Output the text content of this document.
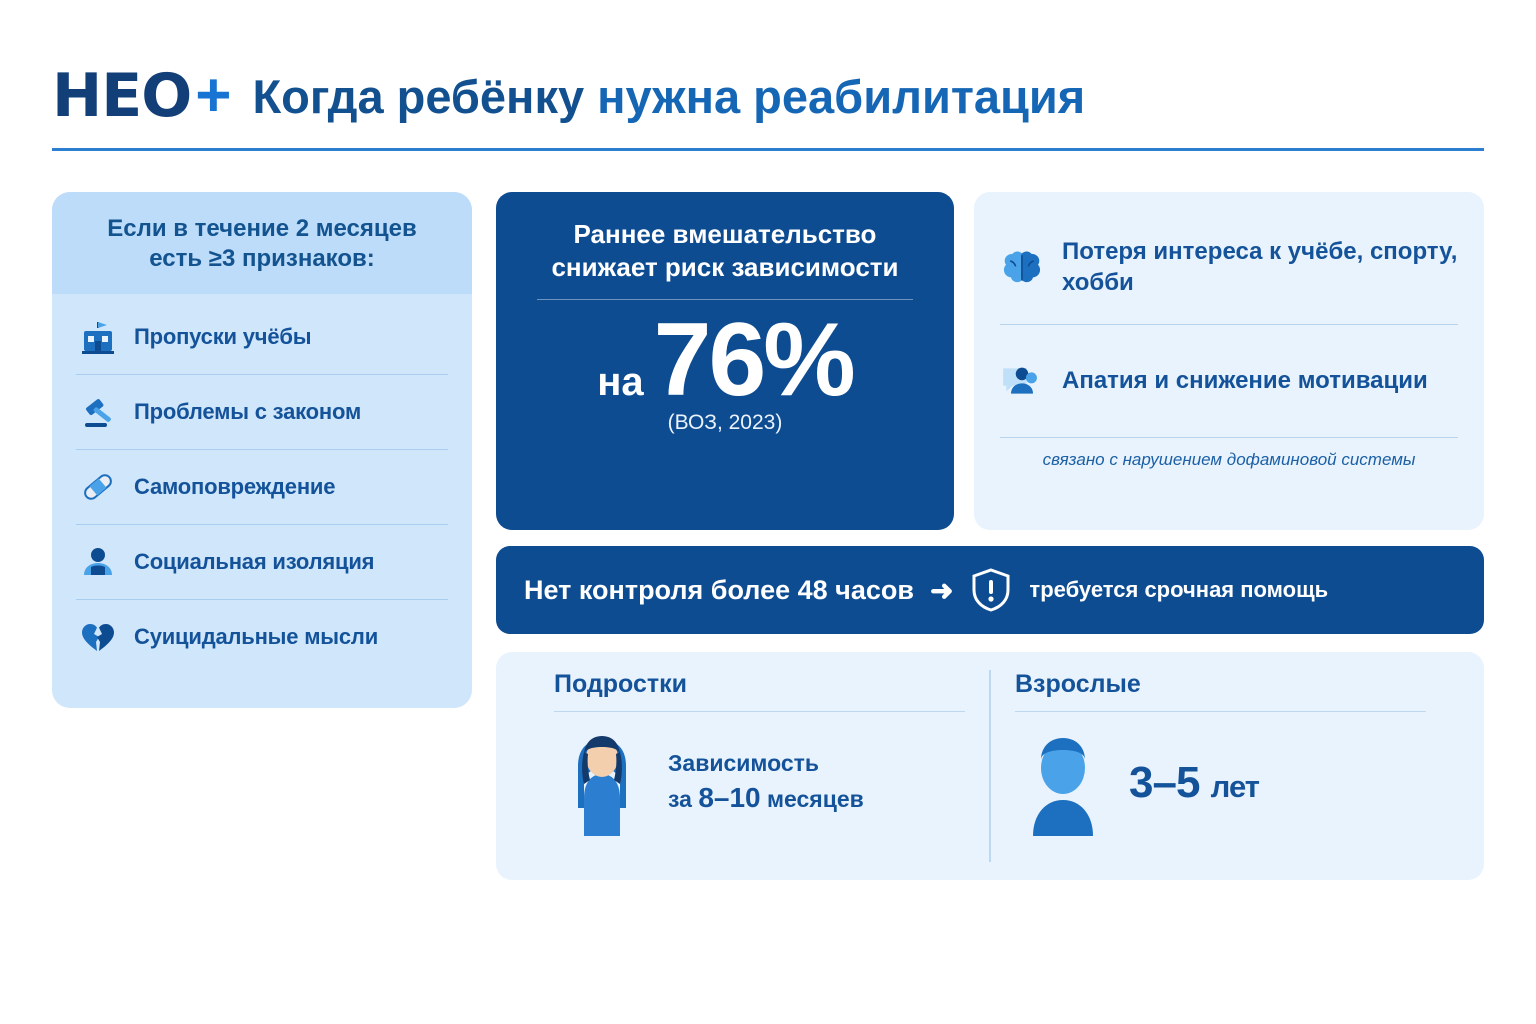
HEO + Когда ребёнку нужна реабилитация
Если в течение 2 месяцев есть ≥3 признаков:
Пропуски учёбы
Проблемы с законом
Самоповреждение
Социальная изоляция
Суицидальные мысли
Раннее вмешательство снижает риск зависимости
на 76%
(ВОЗ, 2023)
Потеря интереса к учёбе, спорту, хобби
Апатия и снижение мотивации
связано с нарушением дофаминовой системы
Нет контроля более 48 часов ➜	требуется срочная помощь
Подростки
Зависимость
за 8–10 месяцев
Взрослые
3–5 лет
